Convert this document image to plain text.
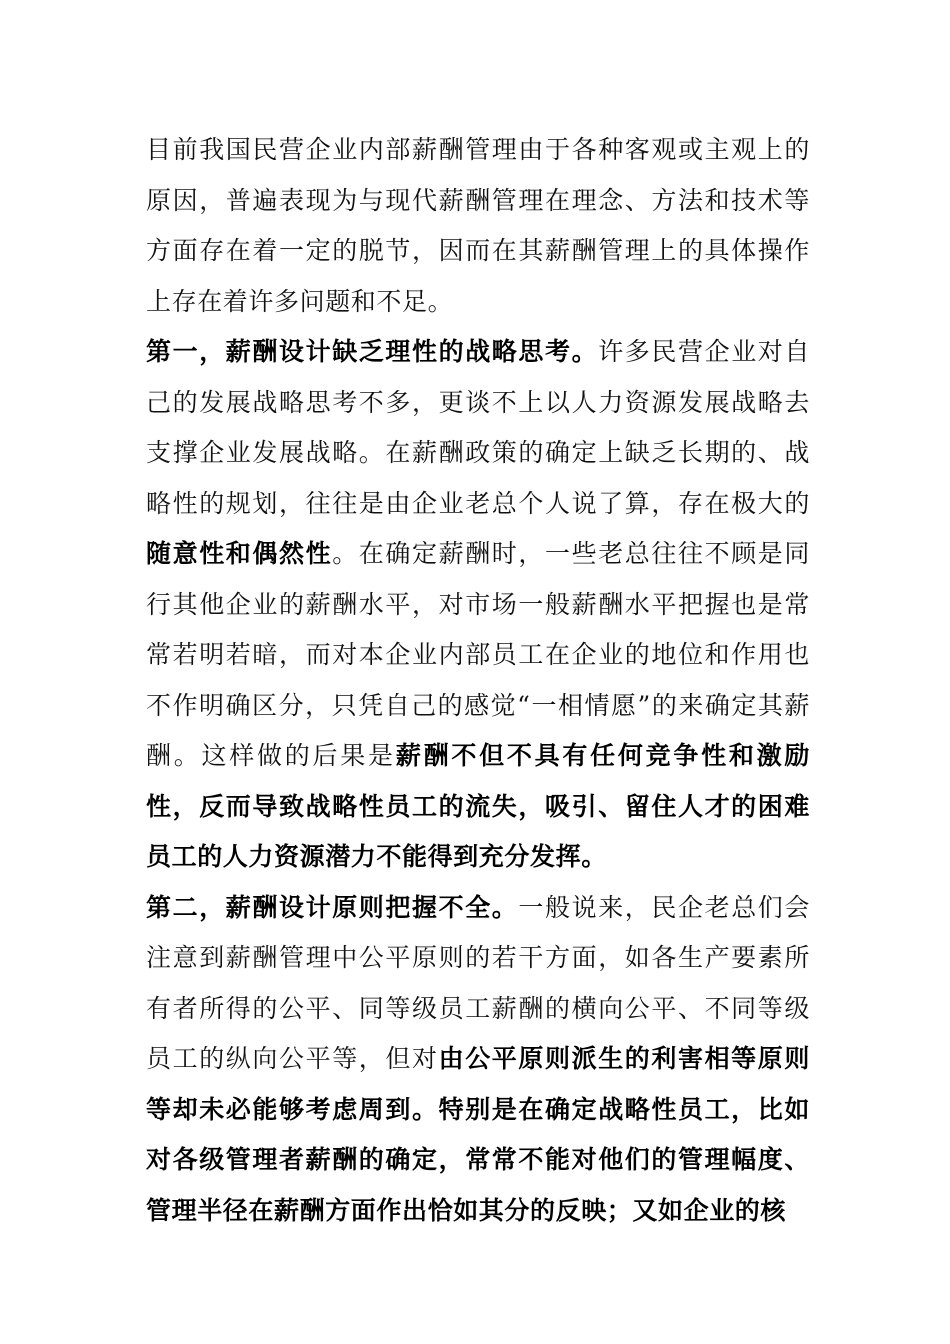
目前我国民营企业内部薪酬管理由于各种客观或主观上的原因，普遍表现为与现代薪酬管理在理念、方法和技术等方面存在着一定的脱节，因而在其薪酬管理上的具体操作上存在着许多问题和不足。

第一，薪酬设计缺乏理性的战略思考。许多民营企业对自己的发展战略思考不多，更谈不上以人力资源发展战略去支撑企业发展战略。在薪酬政策的确定上缺乏长期的、战略性的规划，往往是由企业老总个人说了算，存在极大的随意性和偶然性。在确定薪酬时，一些老总往往不顾是同行其他企业的薪酬水平，对市场一般薪酬水平把握也是常常若明若暗，而对本企业内部员工在企业的地位和作用也不作明确区分，只凭自己的感觉“一相情愿”的来确定其薪酬。这样做的后果是薪酬不但不具有任何竞争性和激励性，反而导致战略性员工的流失，吸引、留住人才的困难员工的人力资源潜力不能得到充分发挥。

第二，薪酬设计原则把握不全。一般说来，民企老总们会注意到薪酬管理中公平原则的若干方面，如各生产要素所有者所得的公平、同等级员工薪酬的横向公平、不同等级员工的纵向公平等，但对由公平原则派生的利害相等原则等却未必能够考虑周到。特别是在确定战略性员工，比如对各级管理者薪酬的确定，常常不能对他们的管理幅度、管理半径在薪酬方面作出恰如其分的反映；又如企业的核
